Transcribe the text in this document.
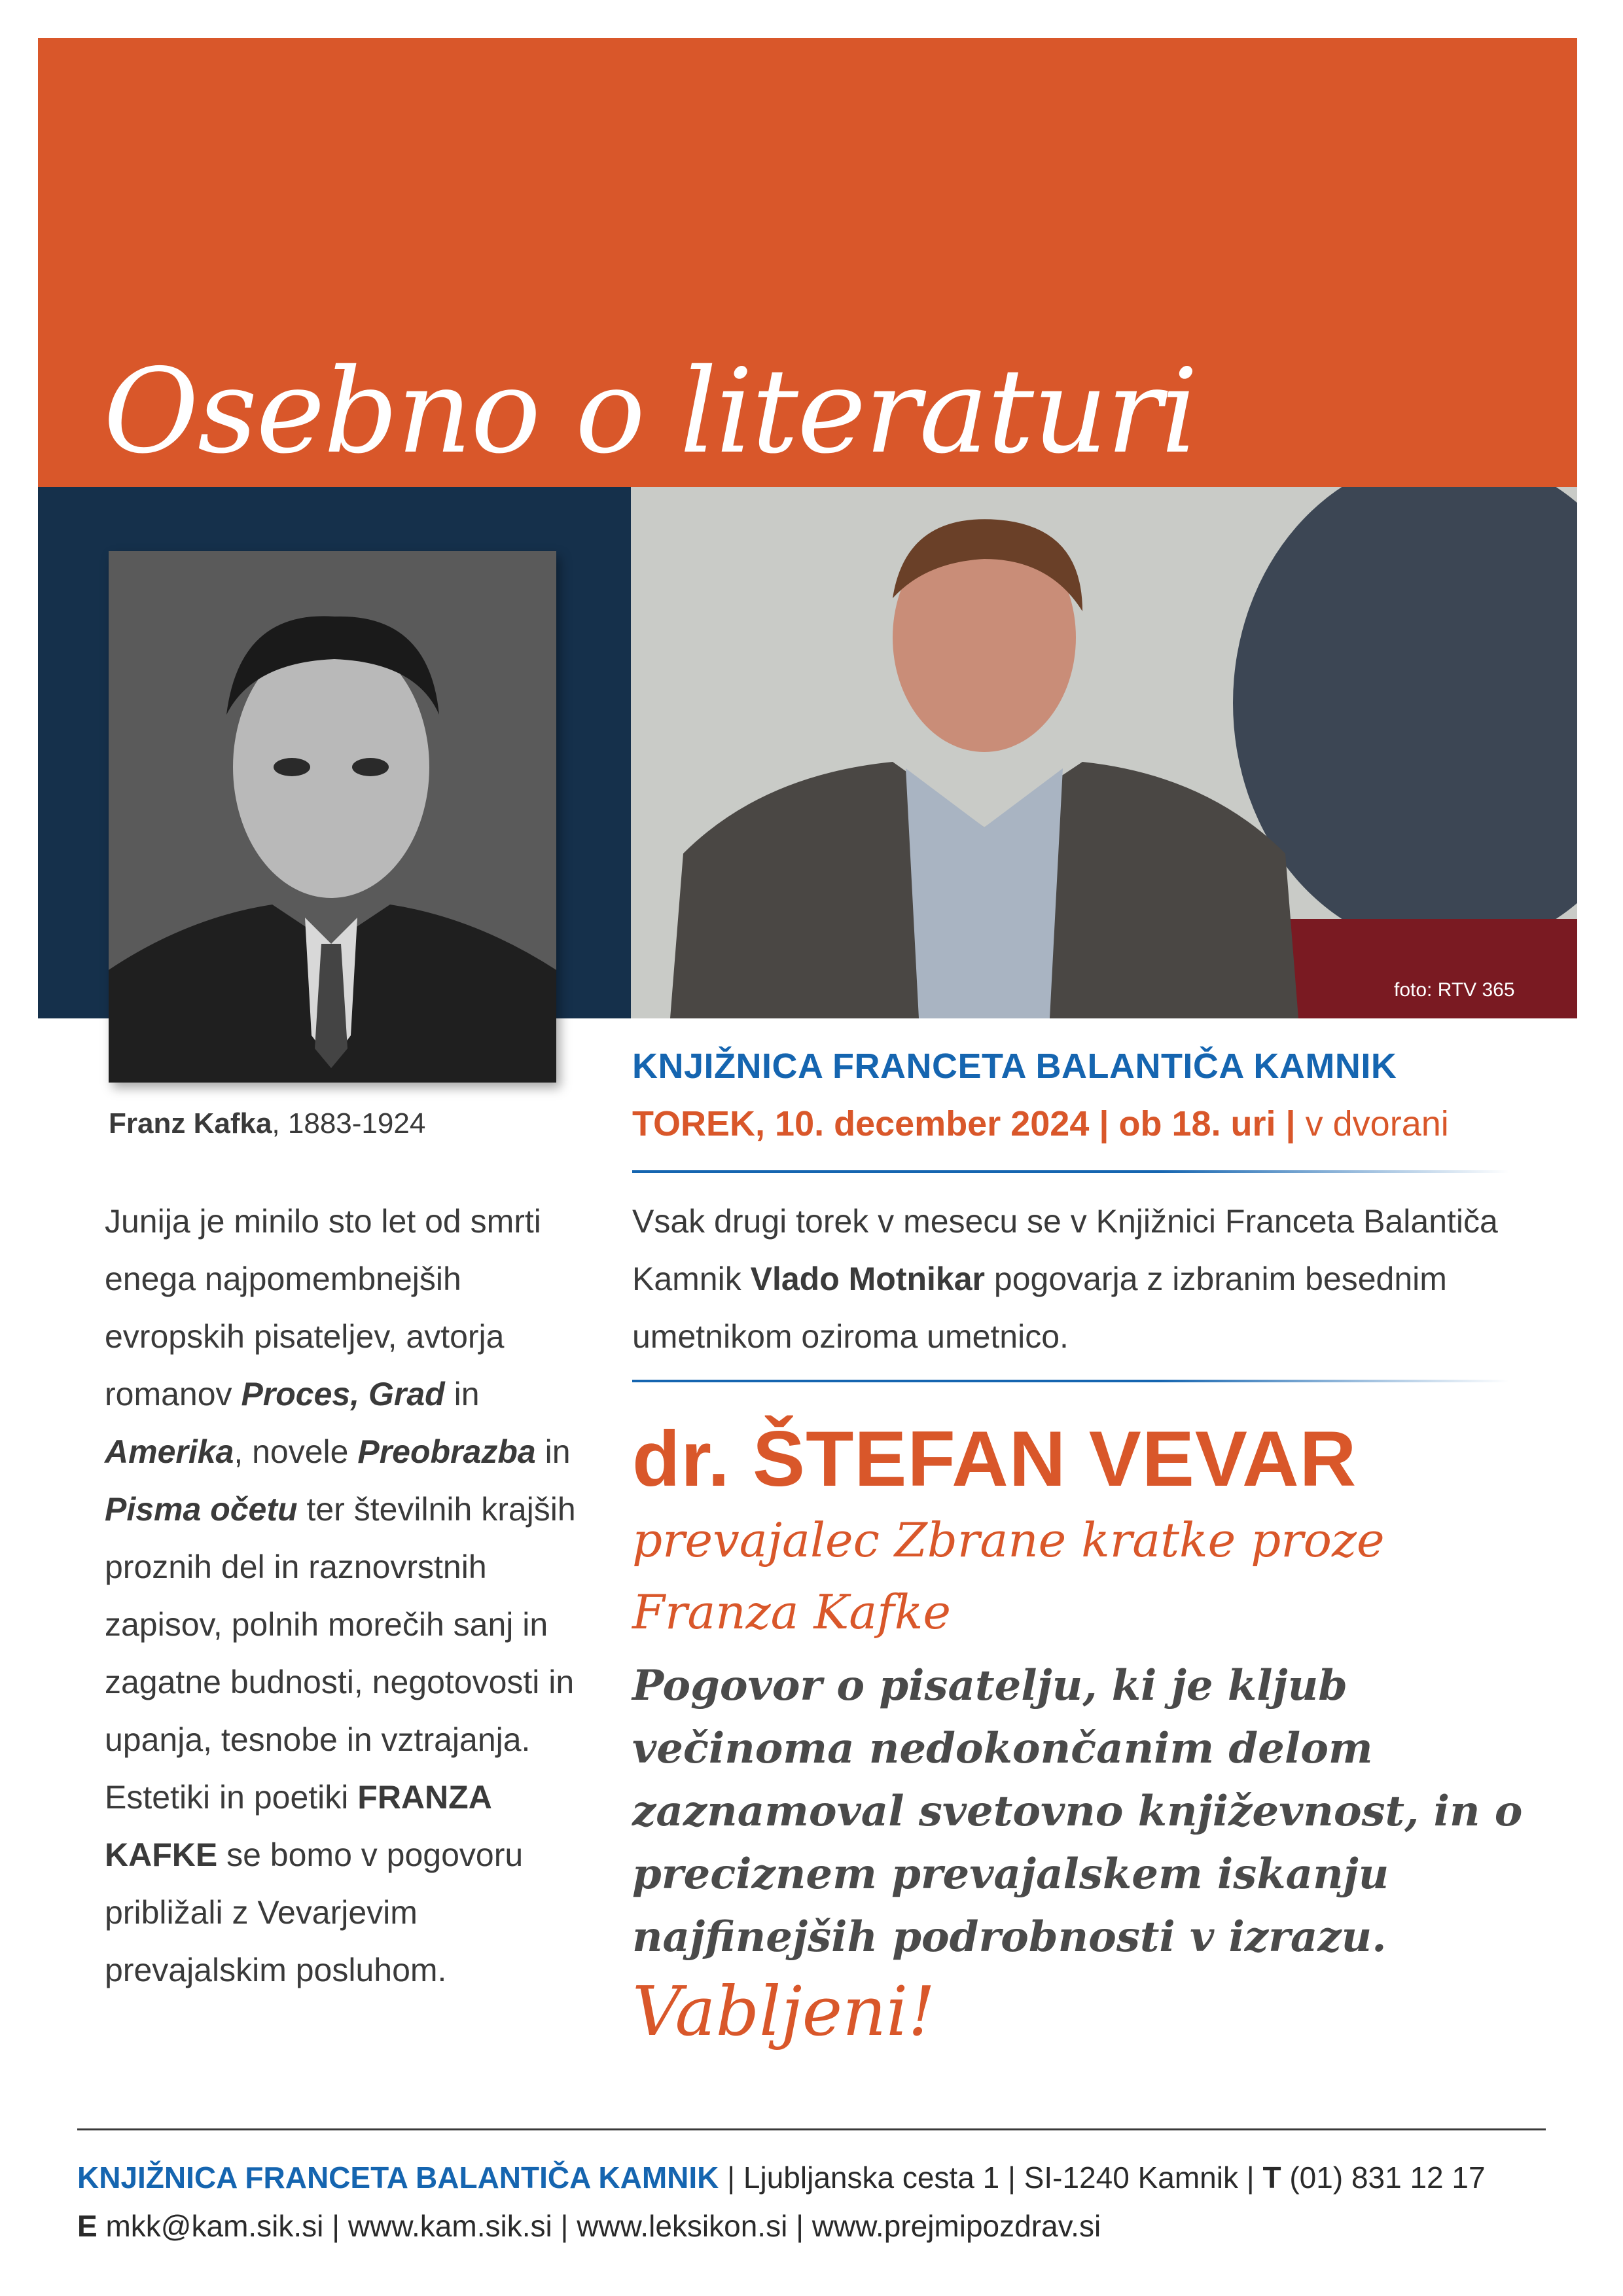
Osebno o literaturi
foto: RTV 365
Franz Kafka, 1883-1924
KNJIŽNICA FRANCETA BALANTIČA KAMNIK
TOREK, 10. december 2024 | ob 18. uri | v dvorani
Vsak drugi torek v mesecu se v Knjižnici Franceta Balantiča Kamnik Vlado Motnikar pogovarja z izbranim besednim umetnikom oziroma umetnico.
Junija je minilo sto let od smrti enega najpomembnejših evropskih pisateljev, avtorja romanov Proces, Grad in Amerika, novele Preobrazba in Pisma očetu ter številnih krajših proznih del in raznovrstnih zapisov, polnih morečih sanj in zagatne budnosti, negotovosti in upanja, tesnobe in vztrajanja. Estetiki in poetiki FRANZA KAFKE se bomo v pogovoru približali z Vevarjevim prevajalskim posluhom.
dr. ŠTEFAN VEVAR
prevajalec Zbrane kratke proze Franza Kafke
Pogovor o pisatelju, ki je kljub večinoma nedokončanim delom zaznamoval svetovno književnost, in o preciznem prevajalskem iskanju najfinejših podrobnosti v izrazu.
Vabljeni!
KNJIŽNICA FRANCETA BALANTIČA KAMNIK | Ljubljanska cesta 1 | SI-1240 Kamnik | T (01) 831 12 17
E mkk@kam.sik.si | www.kam.sik.si | www.leksikon.si | www.prejmipozdrav.si
